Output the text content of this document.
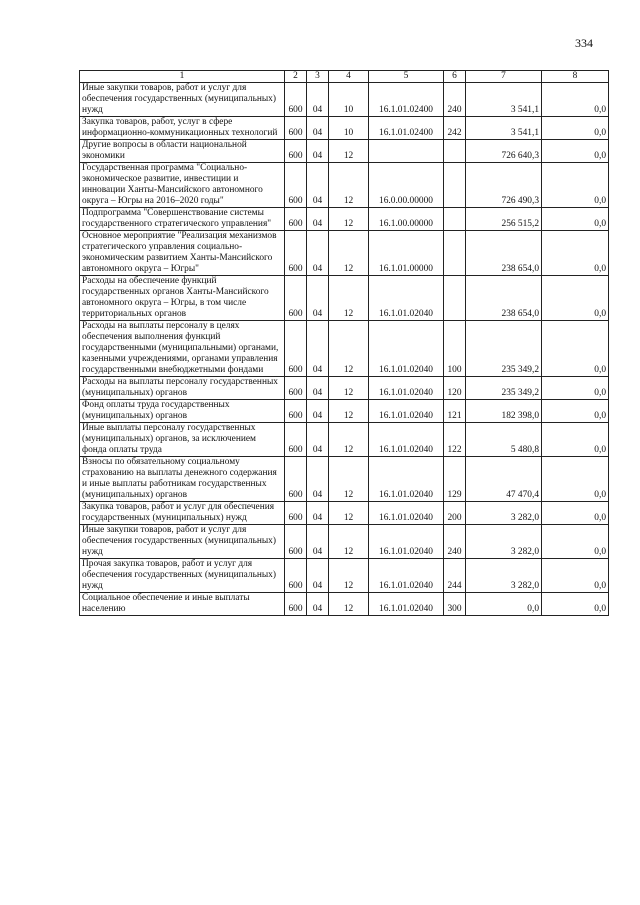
334
1	2	3	4	5	6	7	8
Иные закупки товаров, работ и услуг для обеспечения государственных (муниципальных) нужд	600	04	10	16.1.01.02400	240	3 541,1	0,0
Закупка товаров, работ, услуг в сфере информационно-коммуникационных технологий	600	04	10	16.1.01.02400	242	3 541,1	0,0
Другие вопросы в области национальной экономики	600	04	12			726 640,3	0,0
Государственная программа "Социально-экономическое развитие, инвестиции и инновации Ханты-Мансийского автономного округа – Югры на 2016–2020 годы"	600	04	12	16.0.00.00000		726 490,3	0,0
Подпрограмма "Совершенствование системы государственного стратегического управления"	600	04	12	16.1.00.00000		256 515,2	0,0
Основное мероприятие "Реализация механизмов стратегического управления социально-экономическим развитием Ханты-Мансийского автономного округа – Югры"	600	04	12	16.1.01.00000		238 654,0	0,0
Расходы на обеспечение функций государственных органов Ханты-Мансийского автономного округа – Югры, в том числе территориальных органов	600	04	12	16.1.01.02040		238 654,0	0,0
Расходы на выплаты персоналу в целях обеспечения выполнения функций государственными (муниципальными) органами, казенными учреждениями, органами управления государственными внебюджетными фондами	600	04	12	16.1.01.02040	100	235 349,2	0,0
Расходы на выплаты персоналу государственных (муниципальных) органов	600	04	12	16.1.01.02040	120	235 349,2	0,0
Фонд оплаты труда государственных (муниципальных) органов	600	04	12	16.1.01.02040	121	182 398,0	0,0
Иные выплаты персоналу государственных (муниципальных) органов, за исключением фонда оплаты труда	600	04	12	16.1.01.02040	122	5 480,8	0,0
Взносы по обязательному социальному страхованию на выплаты денежного содержания и иные выплаты работникам государственных (муниципальных) органов	600	04	12	16.1.01.02040	129	47 470,4	0,0
Закупка товаров, работ и услуг для обеспечения государственных (муниципальных) нужд	600	04	12	16.1.01.02040	200	3 282,0	0,0
Иные закупки товаров, работ и услуг для обеспечения государственных (муниципальных) нужд	600	04	12	16.1.01.02040	240	3 282,0	0,0
Прочая закупка товаров, работ и услуг для обеспечения государственных (муниципальных) нужд	600	04	12	16.1.01.02040	244	3 282,0	0,0
Социальное обеспечение и иные выплаты населению	600	04	12	16.1.01.02040	300	0,0	0,0
